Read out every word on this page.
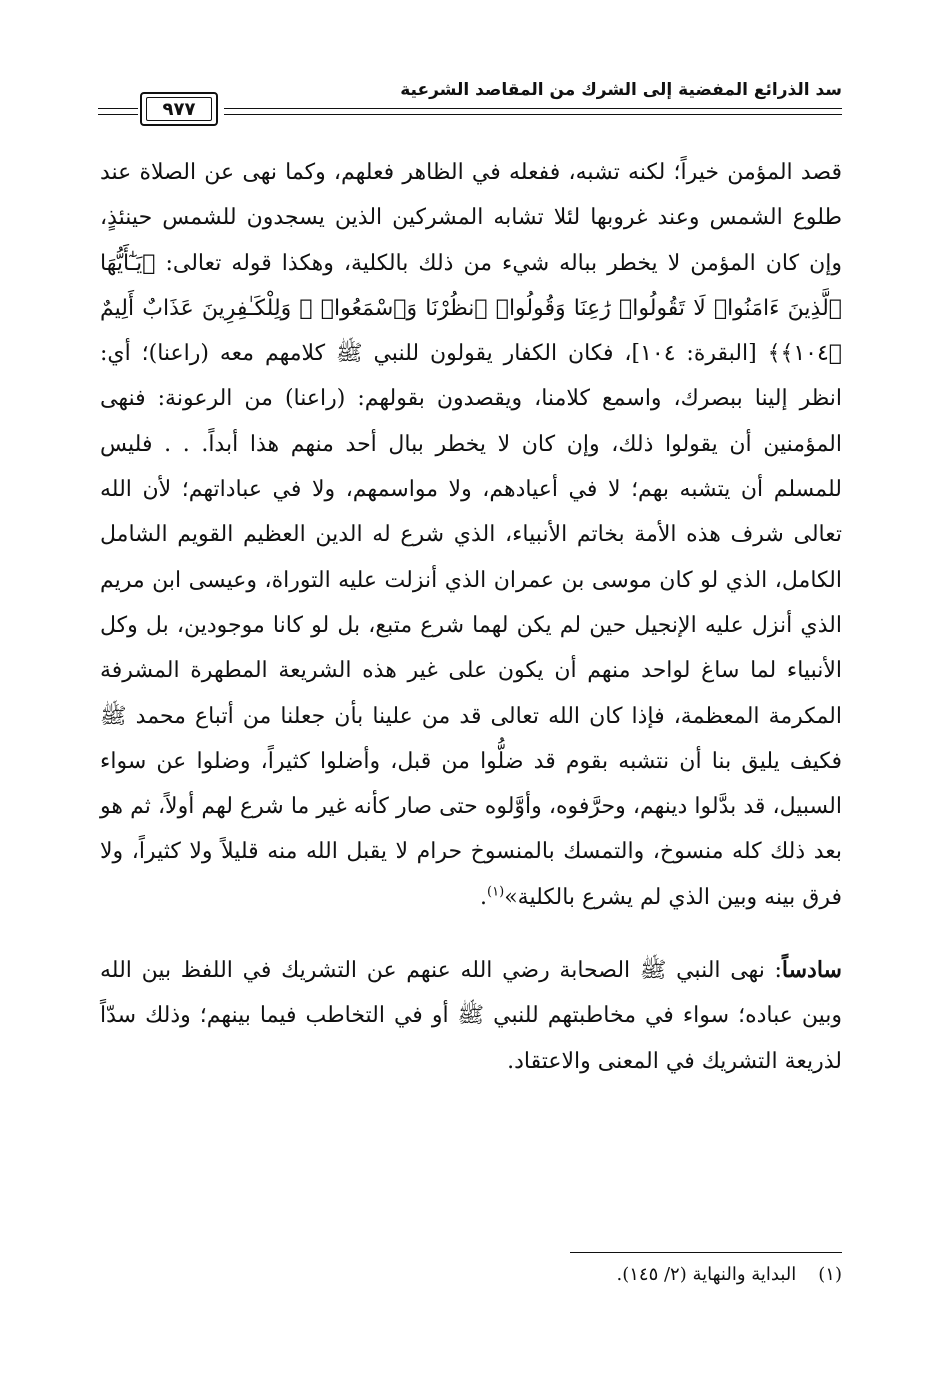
سد الذرائع المفضية إلى الشرك من المقاصد الشرعية
٩٧٧

قصد المؤمن خيراً؛ لكنه تشبه، ففعله في الظاهر فعلهم، وكما نهى عن الصلاة عند طلوع الشمس وعند غروبها لئلا تشابه المشركين الذين يسجدون للشمس حينئذٍ، وإن كان المؤمن لا يخطر بباله شيء من ذلك بالكلية، وهكذا قوله تعالى: ﴿يَـٰٓأَيُّهَا ٱلَّذِينَ ءَامَنُوا۟ لَا تَقُولُوا۟ رَٰعِنَا وَقُولُوا۟ ٱنظُرْنَا وَٱسْمَعُوا۟ ۗ وَلِلْكَـٰفِرِينَ عَذَابٌ أَلِيمٌ ﴿١٠٤﴾﴾ [البقرة: ١٠٤]، فكان الكفار يقولون للنبي ﷺ كلامهم معه (راعنا)؛ أي: انظر إلينا ببصرك، واسمع كلامنا، ويقصدون بقولهم: (راعنا) من الرعونة: فنهى المؤمنين أن يقولوا ذلك، وإن كان لا يخطر ببال أحد منهم هذا أبداً. . . فليس للمسلم أن يتشبه بهم؛ لا في أعيادهم، ولا مواسمهم، ولا في عباداتهم؛ لأن الله تعالى شرف هذه الأمة بخاتم الأنبياء، الذي شرع له الدين العظيم القويم الشامل الكامل، الذي لو كان موسى بن عمران الذي أنزلت عليه التوراة، وعيسى ابن مريم الذي أنزل عليه الإنجيل حين لم يكن لهما شرع متبع، بل لو كانا موجودين، بل وكل الأنبياء لما ساغ لواحد منهم أن يكون على غير هذه الشريعة المطهرة المشرفة المكرمة المعظمة، فإذا كان الله تعالى قد من علينا بأن جعلنا من أتباع محمد ﷺ فكيف يليق بنا أن نتشبه بقوم قد ضلُّوا من قبل، وأضلوا كثيراً، وضلوا عن سواء السبيل، قد بدَّلوا دينهم، وحرَّفوه، وأوَّلوه حتى صار كأنه غير ما شرع لهم أولاً، ثم هو بعد ذلك كله منسوخ، والتمسك بالمنسوخ حرام لا يقبل الله منه قليلاً ولا كثيراً، ولا فرق بينه وبين الذي لم يشرع بالكلية»$^{(١)}$.

سادساً: نهى النبي ﷺ الصحابة رضي الله عنهم عن التشريك في اللفظ بين الله وبين عباده؛ سواء في مخاطبتهم للنبي ﷺ أو في التخاطب فيما بينهم؛ وذلك سدّاً لذريعة التشريك في المعنى والاعتقاد.

(١)البداية والنهاية (٢/ ١٤٥).
